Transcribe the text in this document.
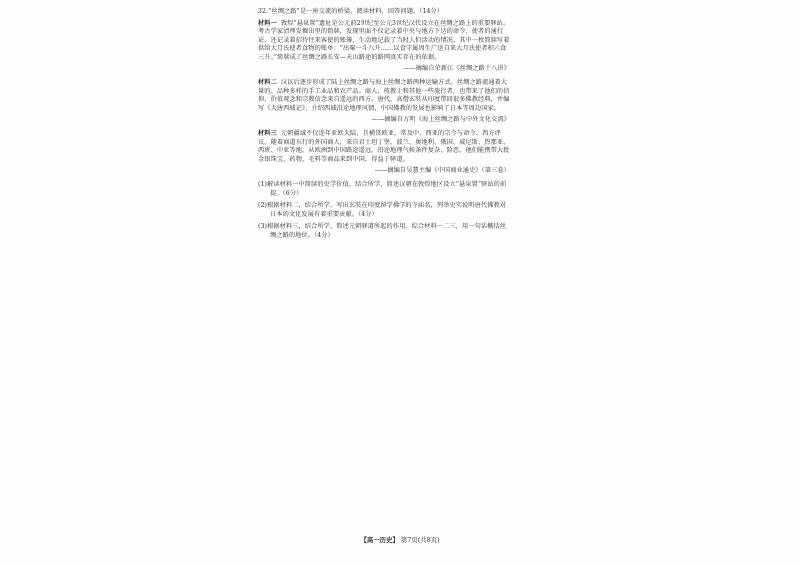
32.“丝绸之路”是一座交流的桥梁。阅读材料，回答问题。（14分）
材料一 敦煌“悬泉置”遗址是公元前2世纪至公元3世纪汉代设立在丝绸之路上的重要驿站。考古学家清理发掘出里的简牍，发现里面不仅记录着中央与地方下达的命令、使者的通行证、还记录着招待往来客使的账簿，生动地记载了当时人们活动的情况。其中一枚简牍写着供给大月氏使者食物的账单：“出粟一斗八升……以食守属周生广送自来大月氏使者积六食三升。”简牍成了丝绸之路长安—天山路途的路网真实存在的依据。
——摘编自荣新江《丝绸之路十八讲》
材料二 汉以后逐步形成了陆上丝绸之路与海上丝绸之路两种运输方式。丝绸之路流通着大量的、品种多样的手工业品和农产品。商人、传教士和其他一些旅行者，也带来了他们的信仰、价值观念和宗教信念来自遥远的西方。唐代，高僧玄奘从印度带回很多佛教经典，并编写《大唐西域记》，介绍西域沿途地理风情，中国佛教的发展也影响了日本等周边国家。
——摘编自万明《海上丝绸之路与中外文化交流》
材料三 元朝疆域不仅连年亚欧大陆，且横贯欧亚，常及中、西亚的宗令与命令、西方评议。随着商道东行的外国商人，来自君士坦丁堡、波兰、奥地利、俄国、威尼斯、热那亚、西班、中亚等地。从欧洲到中国路途遥远，沿途地理气候条件复杂，险恶，他们能携带大批金银珠宝、药物、毛料等商品来到中国，得益于驿道。
——摘编自吴慧主编《中国商业通史》（第三卷）
(1)解读材料一中简牍的史学价值，结合所学，简述汉朝在敦煌地区设立“悬泉置”驿站的前提。（6分）
(2)根据材料二，结合所学，写出玄奘在印度留学佛学的寺庙名，列举史实说明唐代佛教对日本的文化发展有着重要贡献。（4分）
(3)根据材料三，结合所学，简述元朝驿道所起的作用。综合材料一二三，用一句话概括丝绸之路的地位。（4分）
【高一历史】 第7页(共8页)
